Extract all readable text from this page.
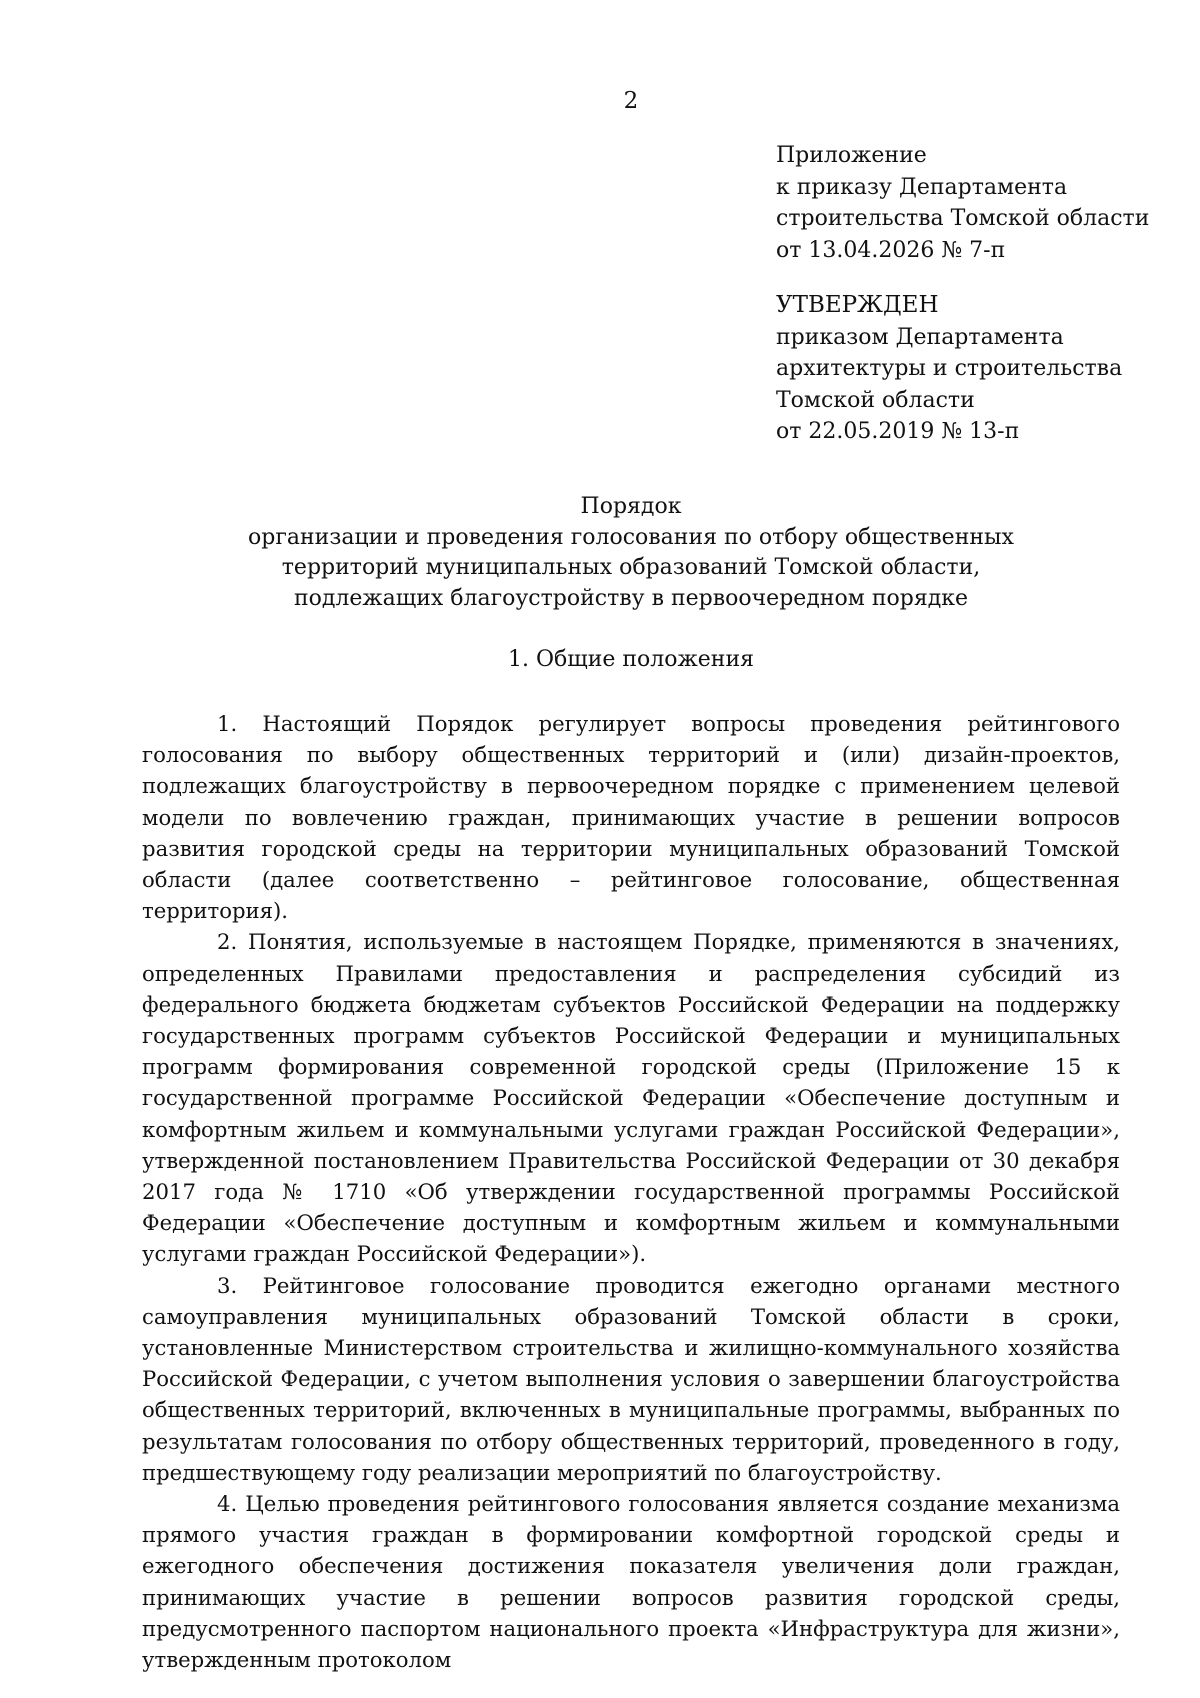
2
Приложение
к приказу Департамента
строительства Томской области
от 13.04.2026 № 7-п
УТВЕРЖДЕН
приказом Департамента
архитектуры и строительства
Томской области
от 22.05.2019 № 13-п
Порядок
организации и проведения голосования по отбору общественных
территорий муниципальных образований Томской области,
подлежащих благоустройству в первоочередном порядке
1. Общие положения

1. Настоящий Порядок регулирует вопросы проведения рейтингового голосования по выбору общественных территорий и (или) дизайн-проектов, подлежащих благоустройству в первоочередном порядке с применением целевой модели по вовлечению граждан, принимающих участие в решении вопросов развития городской среды на территории муниципальных образований Томской области (далее соответственно – рейтинговое голосование, общественная территория).

2. Понятия, используемые в настоящем Порядке, применяются в значениях, определенных Правилами предоставления и распределения субсидий из федерального бюджета бюджетам субъектов Российской Федерации на поддержку государственных программ субъектов Российской Федерации и муниципальных программ формирования современной городской среды (Приложение 15 к государственной программе Российской Федерации «Обеспечение доступным и комфортным жильем и коммунальными услугами граждан Российской Федерации», утвержденной постановлением Правительства Российской Федерации от 30 декабря 2017 года № 1710 «Об утверждении государственной программы Российской Федерации «Обеспечение доступным и комфортным жильем и коммунальными услугами граждан Российской Федерации»).

3. Рейтинговое голосование проводится ежегодно органами местного самоуправления муниципальных образований Томской области в сроки, установленные Министерством строительства и жилищно-коммунального хозяйства Российской Федерации, с учетом выполнения условия о завершении благоустройства общественных территорий, включенных в муниципальные программы, выбранных по результатам голосования по отбору общественных территорий, проведенного в году, предшествующему году реализации мероприятий по благоустройству.

4. Целью проведения рейтингового голосования является создание механизма прямого участия граждан в формировании комфортной городской среды и ежегодного обеспечения достижения показателя увеличения доли граждан, принимающих участие в решении вопросов развития городской среды, предусмотренного паспортом национального проекта «Инфраструктура для жизни», утвержденным протоколом
